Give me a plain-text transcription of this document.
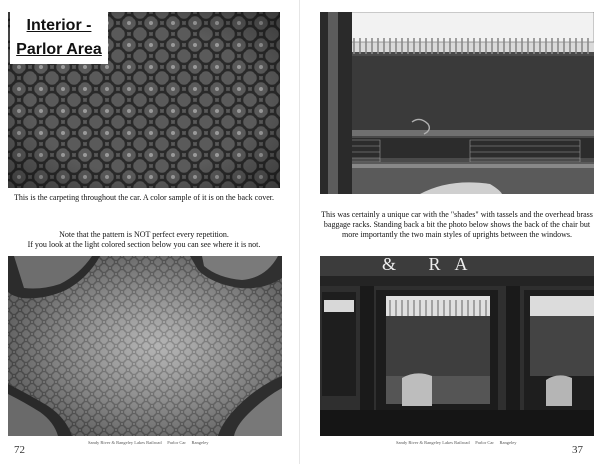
Interior -
Parlor Area
This is the carpeting throughout the car. A color sample of it is on the back cover.
Note that the pattern is NOT perfect every repetition.
If you look at the light colored section below you can see where it is not.
72
Sandy River & Rangeley Lakes Railroad Parlor Car Rangeley
This was certainly a unique car with the "shades" with tassels and the overhead brass baggage racks. Standing back a bit the photo below shows the back of the chair but more importantly the two main styles of uprights between the windows.
& RA
Sandy River & Rangeley Lakes Railroad Parlor Car Rangeley
37
